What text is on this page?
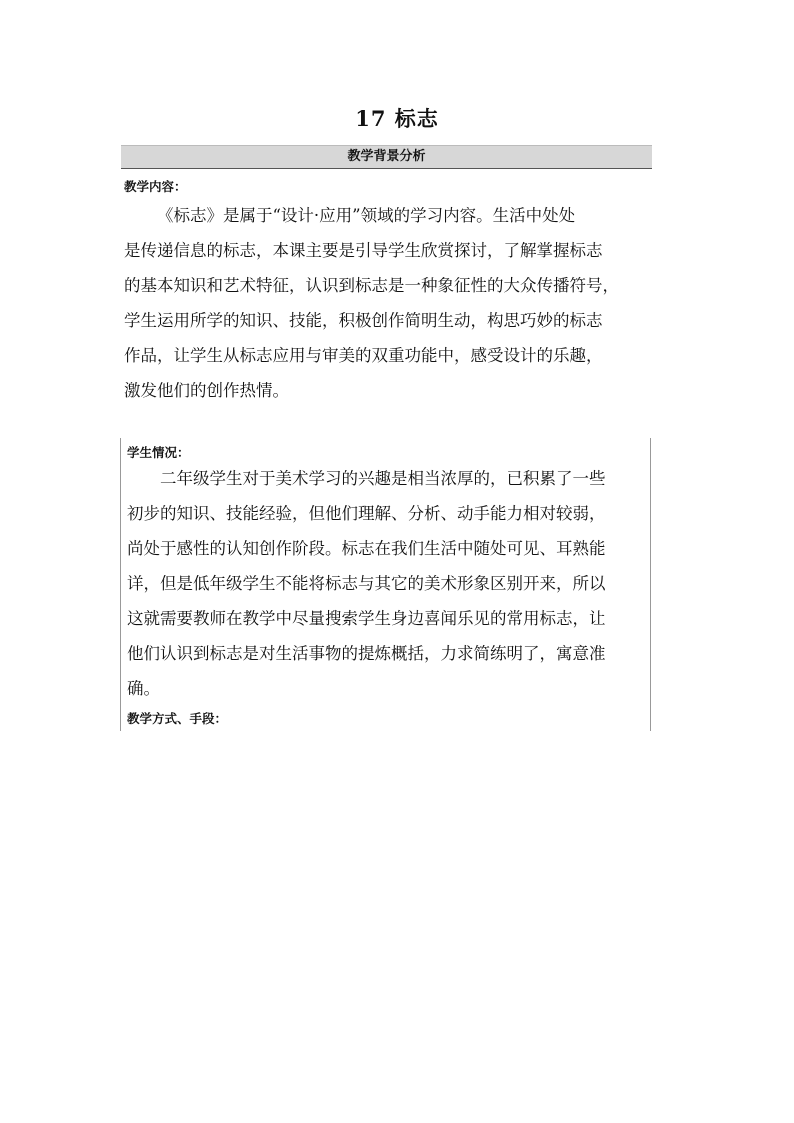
17 标志
教学背景分析
教学内容：
《标志》是属于“设计·应用”领域的学习内容。生活中处处
是传递信息的标志，本课主要是引导学生欣赏探讨，了解掌握标志
的基本知识和艺术特征，认识到标志是一种象征性的大众传播符号，
学生运用所学的知识、技能，积极创作简明生动，构思巧妙的标志
作品，让学生从标志应用与审美的双重功能中，感受设计的乐趣，
激发他们的创作热情。
学生情况：
二年级学生对于美术学习的兴趣是相当浓厚的，已积累了一些
初步的知识、技能经验，但他们理解、分析、动手能力相对较弱，
尚处于感性的认知创作阶段。标志在我们生活中随处可见、耳熟能
详，但是低年级学生不能将标志与其它的美术形象区别开来，所以
这就需要教师在教学中尽量搜索学生身边喜闻乐见的常用标志，让
他们认识到标志是对生活事物的提炼概括，力求简练明了，寓意准
确。
教学方式、手段：
